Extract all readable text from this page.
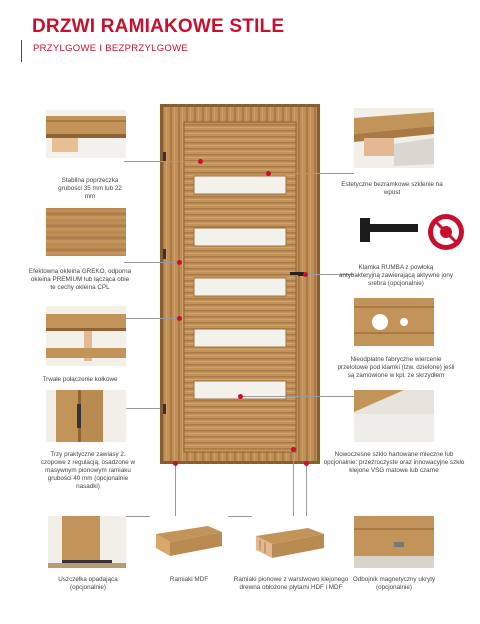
DRZWI RAMIAKOWE STILE
PRZYLGOWE I BEZPRZYLGOWE
Stabilna poprzeczka grubości 35 mm lub 22 mm
Efektowna okleina GREKO, odporna okleina PREMIUM lub łącząca obie te cechy okleina CPL
Trwałe połączenie kołkowe
Trzy praktyczne zawiasy 2. czopowe z regulacją, osadzone w masywnym pionowym ramiaku grubości 40 mm (opcjonalnie nasadki)
Estetyczne bezramkowe szklenie na wpust
Klamka RUMBA z powłoką antybakteryjną zawierającą aktywne jony srebra (opcjonalnie)
Nieodpłatne fabryczne wiercenie przelotowe pod klamki (tzw. dzielone) jeśli są zamówione w kpl. ze skrzydłem
Nowoczesne szkło hartowane mleczne lub opcjonalnie: przeźroczyste oraz innowacyjne szkło klejone VSG matowe lub czarne
Uszczelka opadająca (opcjonalnie)
Ramiaki MDF	Ramiaki pionowe z warstwowo klejonego drewna obłożone płytami HDF i MDF
Odbojnik magnetyczny ukryty (opcjonalnie)
